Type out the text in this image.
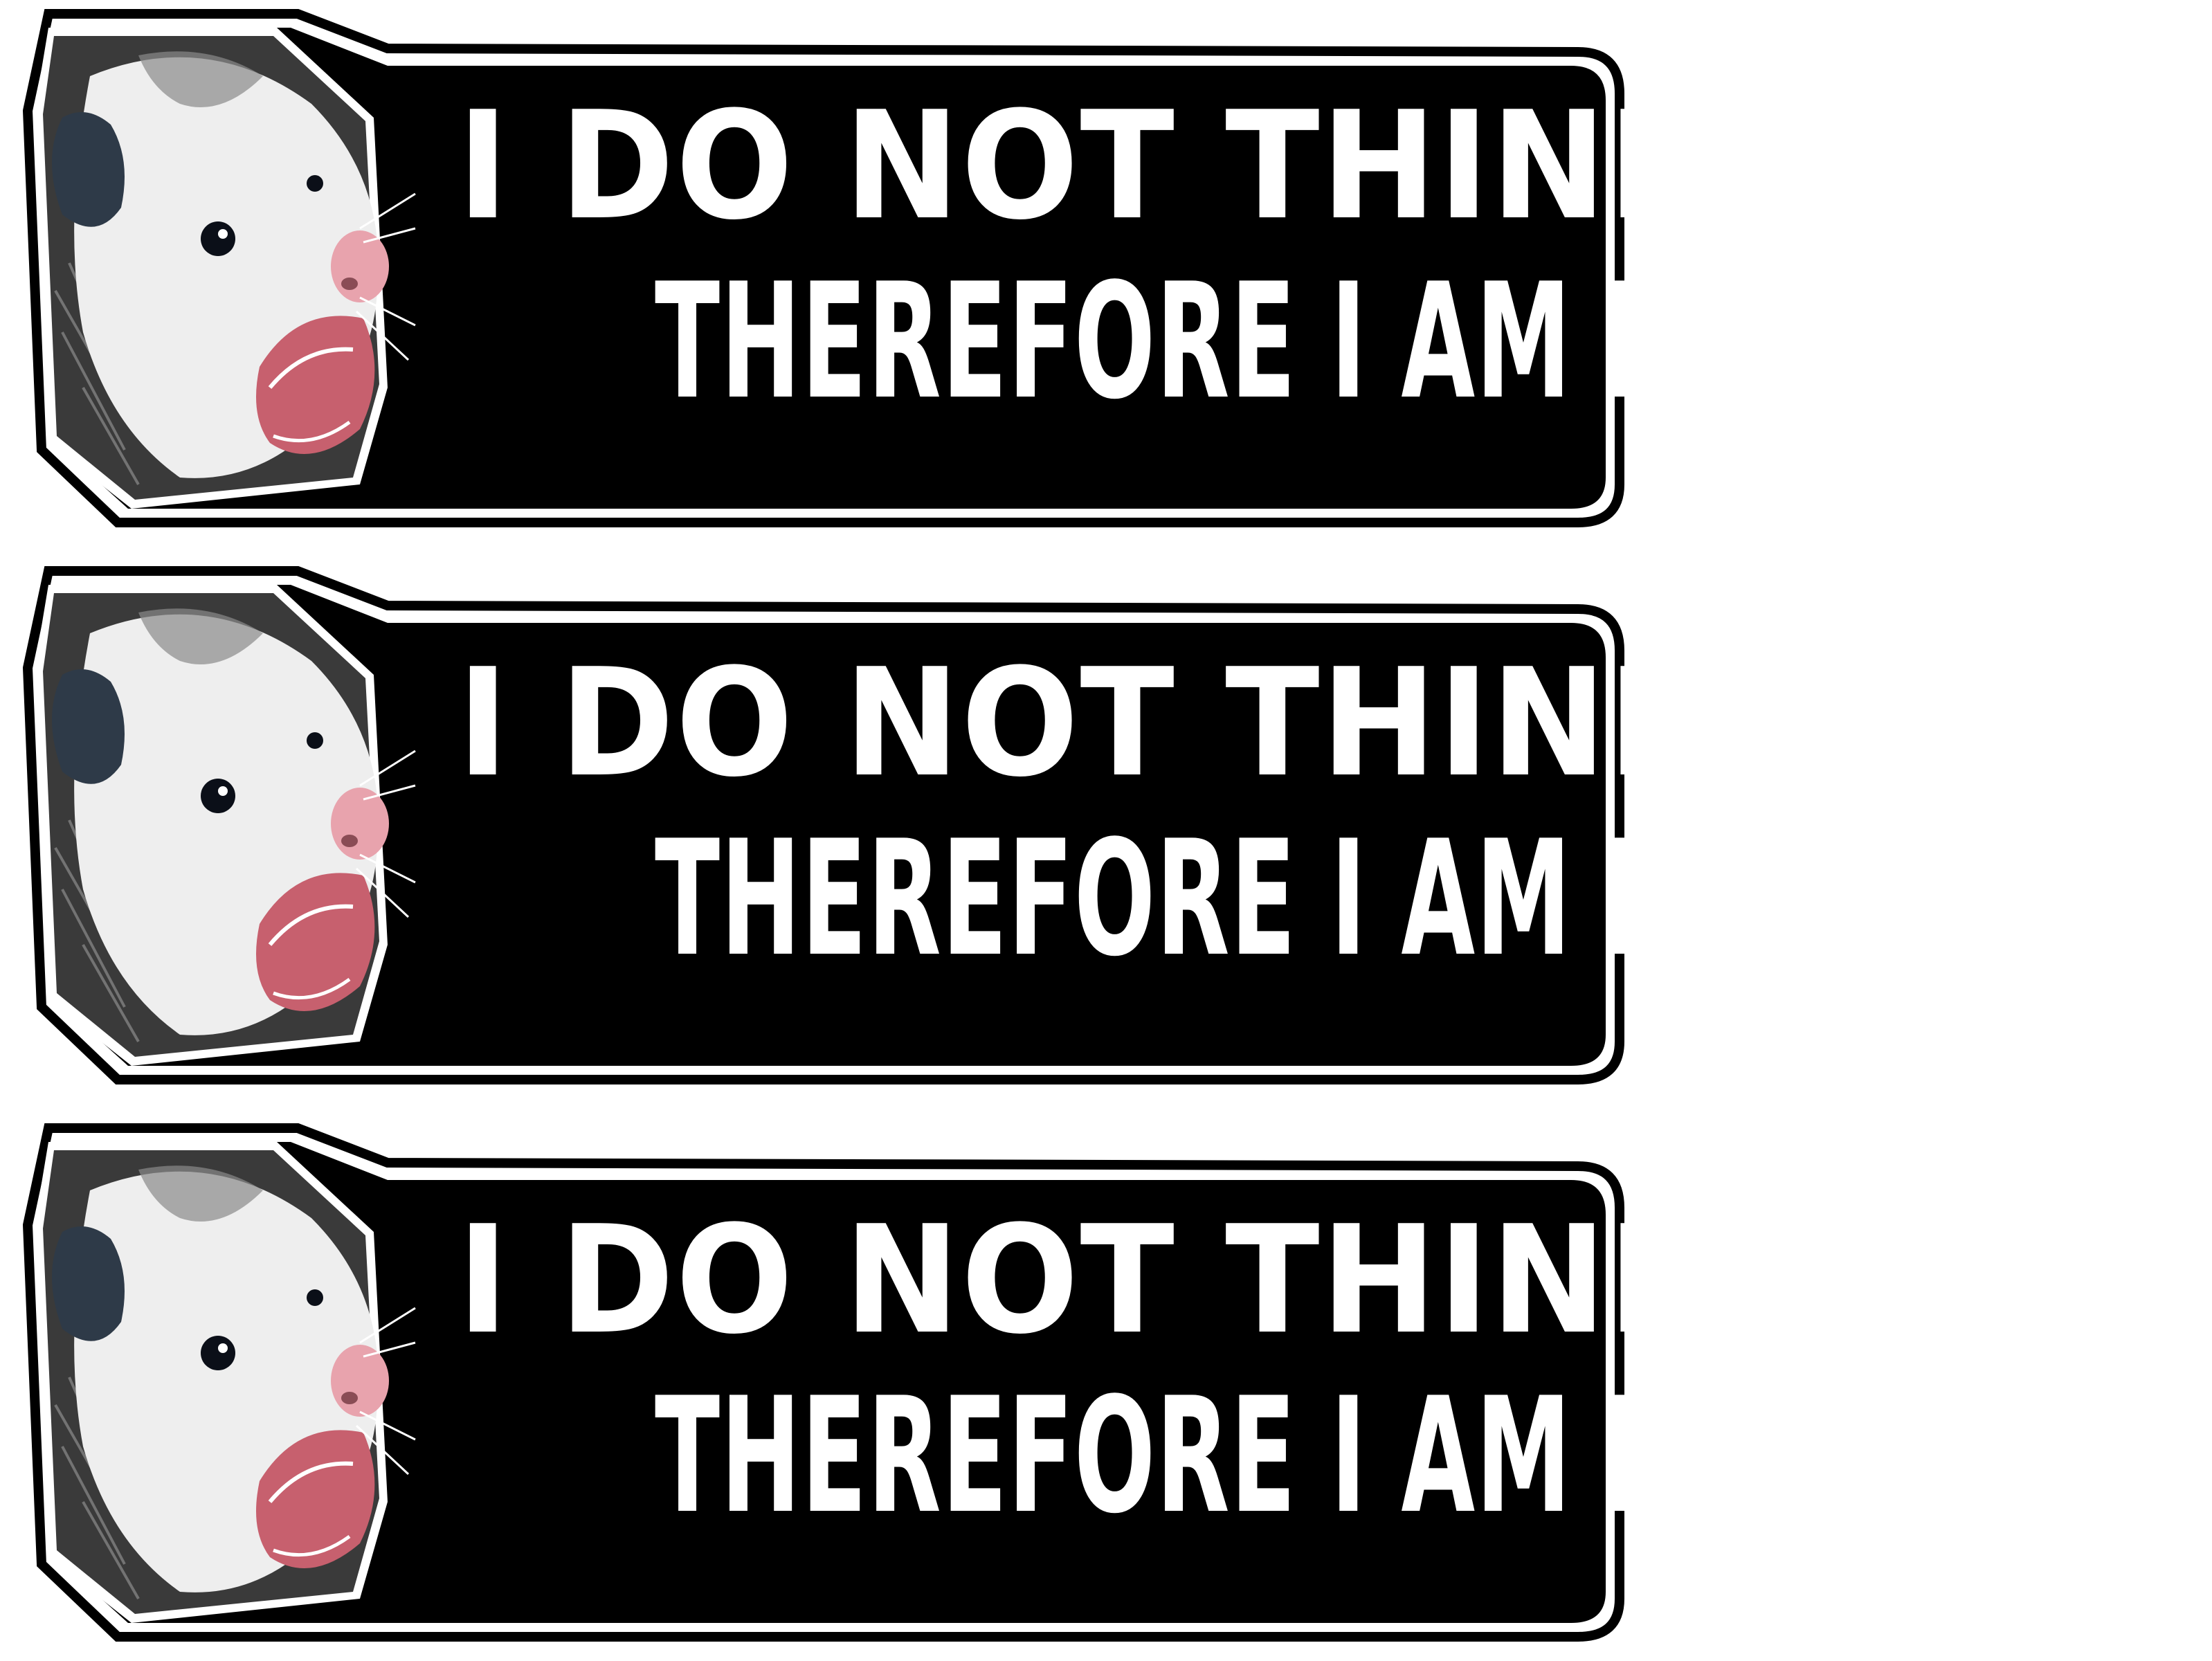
I DO NOT THINK
THEREFORE I AM NOT SPACE
I DO NOT THINK
THEREFORE I AM NOT SPACE
I DO NOT THINK
THEREFORE I AM NOT SPACE
